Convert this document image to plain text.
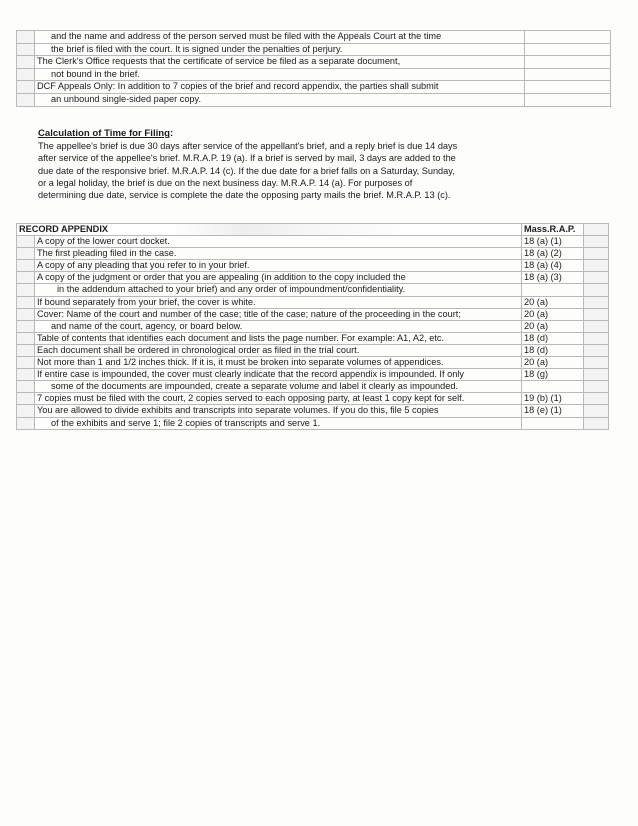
	and the name and address of the person served must be filed with the Appeals Court at the time	
	the brief is filed with the court. It is signed under the penalties of perjury.	
	The Clerk's Office requests that the certificate of service be filed as a separate document,	
	not bound in the brief.	
	DCF Appeals Only: In addition to 7 copies of the brief and record appendix, the parties shall submit	
	an unbound single-sided paper copy.	

Calculation of Time for Filing:

The appellee's brief is due 30 days after service of the appellant's brief, and a reply brief is due 14 days

after service of the appellee's brief. M.R.A.P. 19 (a). If a brief is served by mail, 3 days are added to the

due date of the responsive brief. M.R.A.P. 14 (c). If the due date for a brief falls on a Saturday, Sunday,

or a legal holiday, the brief is due on the next business day. M.R.A.P. 14 (a). For purposes of

determining due date, service is complete the date the opposing party mails the brief. M.R.A.P. 13 (c).

RECORD APPENDIX		Mass.R.A.P.	
	A copy of the lower court docket.	18 (a) (1)	
	The first pleading filed in the case.	18 (a) (2)	
	A copy of any pleading that you refer to in your brief.	18 (a) (4)	
	A copy of the judgment or order that you are appealing (in addition to the copy included the	18 (a) (3)	
	in the addendum attached to your brief) and any order of impoundment/confidentiality.		
	If bound separately from your brief, the cover is white.	20 (a)	
	Cover: Name of the court and number of the case; title of the case; nature of the proceeding in the court;	20 (a)	
	and name of the court, agency, or board below.	20 (a)	
	Table of contents that identifies each document and lists the page number. For example: A1, A2, etc.	18 (d)	
	Each document shall be ordered in chronological order as filed in the trial court.	18 (d)	
	Not more than 1 and 1/2 inches thick. If it is, it must be broken into separate volumes of appendices.	20 (a)	
	If entire case is impounded, the cover must clearly indicate that the record appendix is impounded. If only	18 (g)	
	some of the documents are impounded, create a separate volume and label it clearly as impounded.		
	7 copies must be filed with the court, 2 copies served to each opposing party, at least 1 copy kept for self.	19 (b) (1)	
	You are allowed to divide exhibits and transcripts into separate volumes. If you do this, file 5 copies	18 (e) (1)	
	of the exhibits and serve 1; file 2 copies of transcripts and serve 1.		
